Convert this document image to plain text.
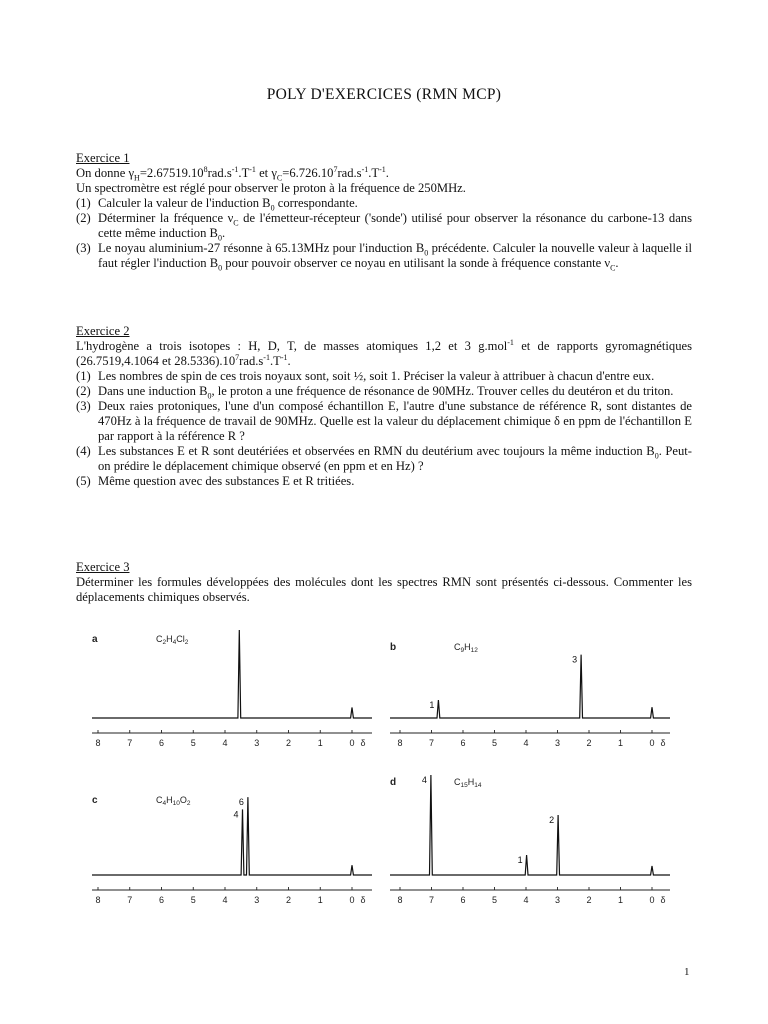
POLY D'EXERCICES (RMN MCP)
Exercice 1
On donne $\gamma_H=2.67519.10^8rad.s^{-1}.T^{-1}$ et $\gamma_C=6.726.10^7rad.s^{-1}.T^{-1}$.
Un spectromètre est réglé pour observer le proton à la fréquence de 250MHz.
(1) Calculer la valeur de l'induction $B_0$ correspondante.
(2) Déterminer la fréquence $\nu_C$ de l'émetteur-récepteur ('sonde') utilisé pour observer la résonance du carbone-13 dans cette même induction $B_0$.
(3) Le noyau aluminium-27 résonne à 65.13MHz pour l'induction $B_0$ précédente. Calculer la nouvelle valeur à laquelle il faut régler l'induction $B_0$ pour pouvoir observer ce noyau en utilisant la sonde à fréquence constante $\nu_C$.
Exercice 2
L'hydrogène a trois isotopes : H, D, T, de masses atomiques 1,2 et 3 g.mol$^{-1}$ et de rapports gyromagnétiques (26.7519,4.1064 et $28.5336).10^7rad.s^{-1}.T^{-1}$.
(1) Les nombres de spin de ces trois noyaux sont, soit ½, soit 1. Préciser la valeur à attribuer à chacun d'entre eux.
(2) Dans une induction $B_0$, le proton a une fréquence de résonance de 90MHz. Trouver celles du deutéron et du triton.
(3) Deux raies protoniques, l'une d'un composé échantillon E, l'autre d'une substance de référence R, sont distantes de 470Hz à la fréquence de travail de 90MHz. Quelle est la valeur du déplacement chimique δ en ppm de l'échantillon E par rapport à la référence R ?
(4) Les substances E et R sont deutériées et observées en RMN du deutérium avec toujours la même induction $B_0$. Peut-on prédire le déplacement chimique observé (en ppm et en Hz) ?
(5) Même question avec des substances E et R tritiées.
Exercice 3
Déterminer les formules développées des molécules dont les spectres RMN sont présentés ci-dessous. Commenter les déplacements chimiques observés.
a	$C_2H_4Cl_2$
8	7	6	5	4	3	2	1	0 δ
b	$C_9H_{12}$
1
3
8	7	6	5	4	3	2	1	0 δ
c	$C_4H_{10}O_2$
4
6
8	7	6	5	4	3	2	1	0 δ
d	$C_{15}H_{14}$
4
1
2
8	7	6	5	4	3	2	1	0 δ
1
